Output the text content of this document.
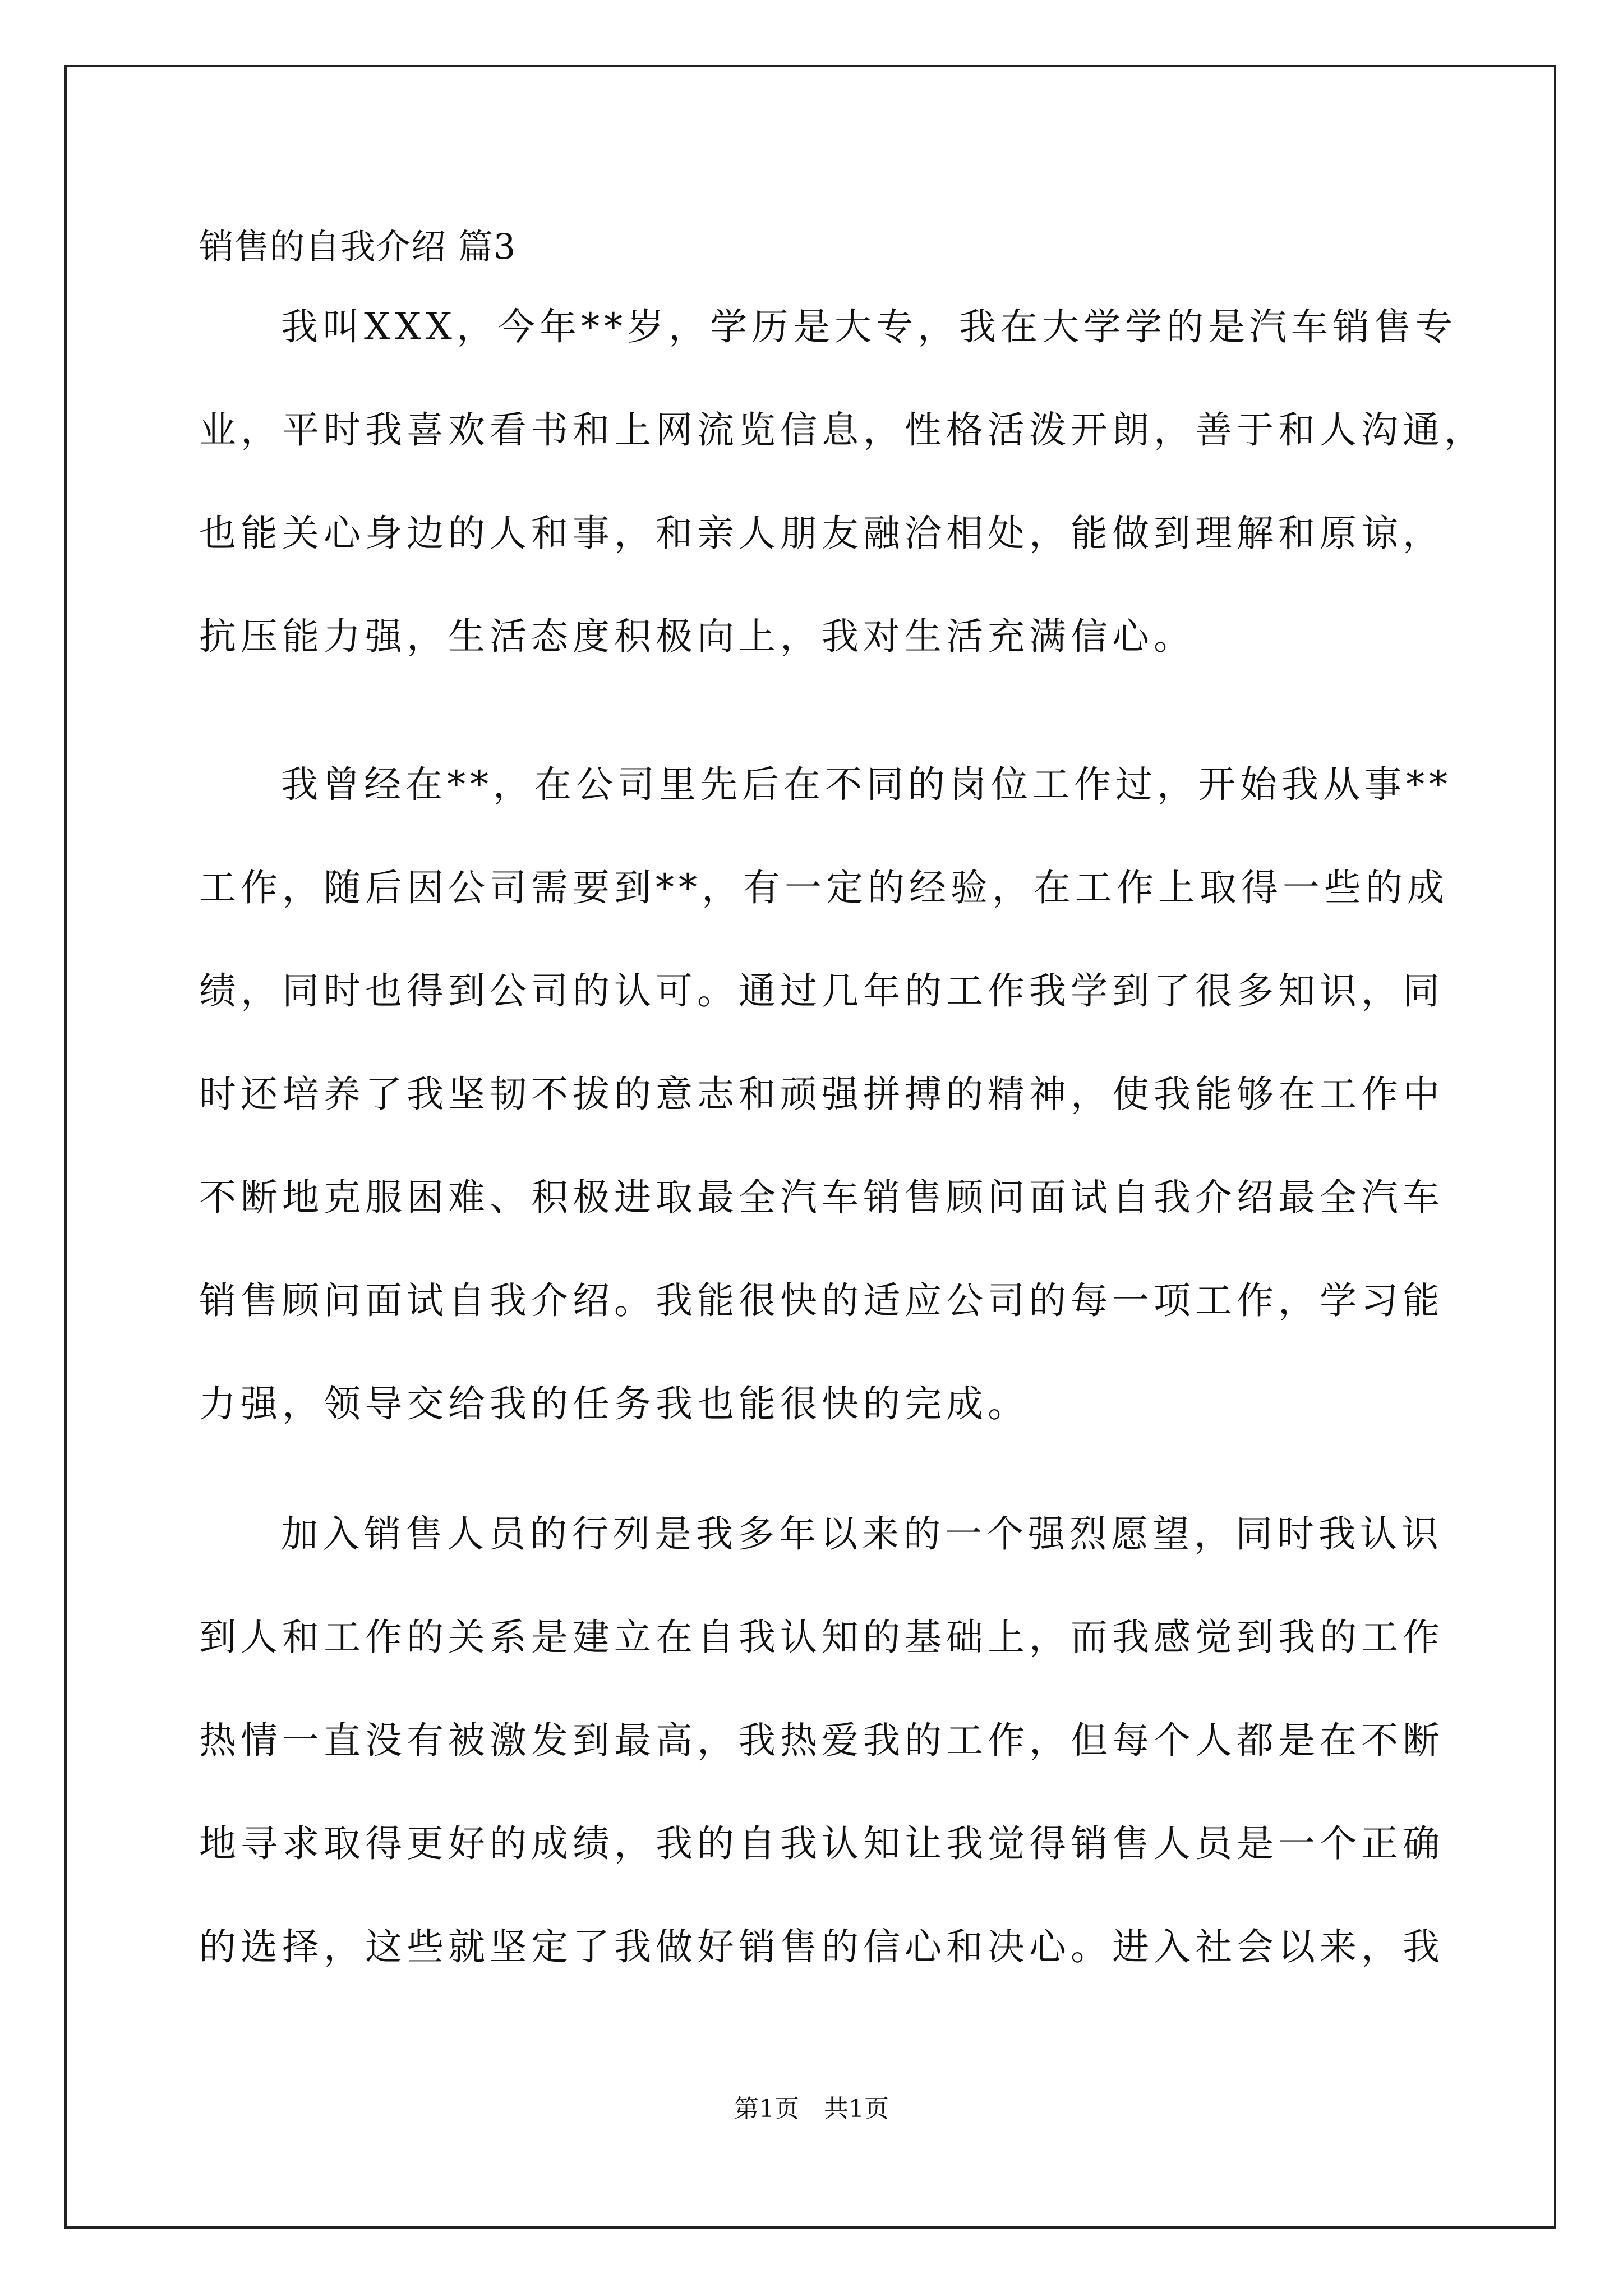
销售的自我介绍 篇3
我叫XXX，今年**岁，学历是大专，我在大学学的是汽车销售专
业，平时我喜欢看书和上网流览信息，性格活泼开朗，善于和人沟通，
也能关心身边的人和事，和亲人朋友融洽相处，能做到理解和原谅，
抗压能力强，生活态度积极向上，我对生活充满信心。
我曾经在**，在公司里先后在不同的岗位工作过，开始我从事**
工作，随后因公司需要到**，有一定的经验，在工作上取得一些的成
绩，同时也得到公司的认可。通过几年的工作我学到了很多知识，同
时还培养了我坚韧不拔的意志和顽强拼搏的精神，使我能够在工作中
不断地克服困难、积极进取最全汽车销售顾问面试自我介绍最全汽车
销售顾问面试自我介绍。我能很快的适应公司的每一项工作，学习能
力强，领导交给我的任务我也能很快的完成。
加入销售人员的行列是我多年以来的一个强烈愿望，同时我认识
到人和工作的关系是建立在自我认知的基础上，而我感觉到我的工作
热情一直没有被激发到最高，我热爱我的工作，但每个人都是在不断
地寻求取得更好的成绩，我的自我认知让我觉得销售人员是一个正确
的选择，这些就坚定了我做好销售的信心和决心。进入社会以来，我
第1页　共1页
